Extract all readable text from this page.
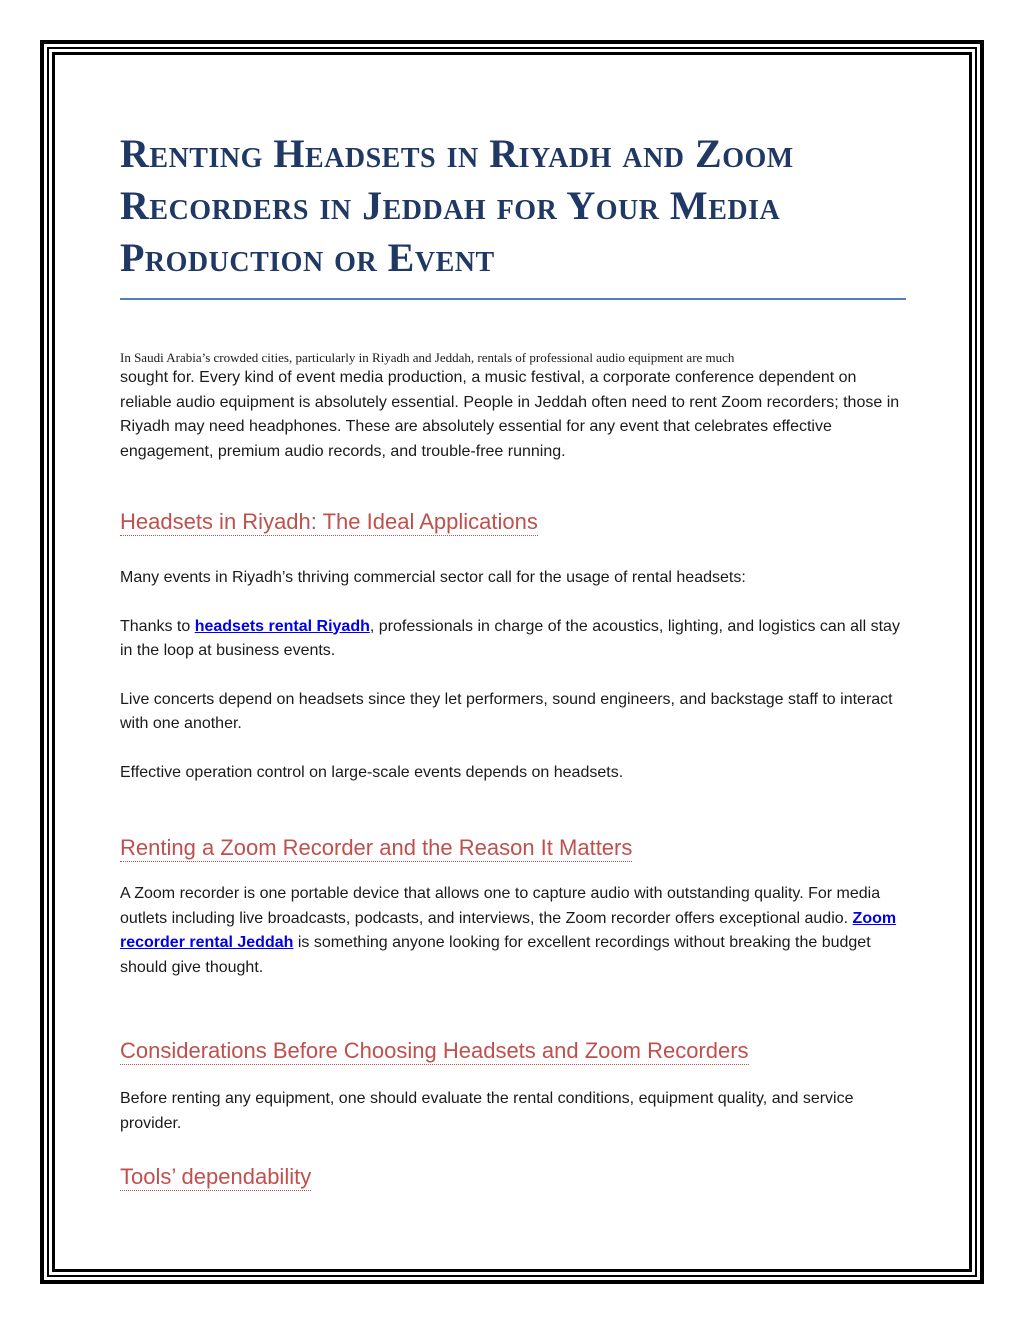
Renting Headsets in Riyadh and Zoom Recorders in Jeddah for Your Media Production or Event
In Saudi Arabia’s crowded cities, particularly in Riyadh and Jeddah, rentals of professional audio equipment are much

sought for. Every kind of event media production, a music festival, a corporate conference dependent on reliable audio equipment is absolutely essential. People in Jeddah often need to rent Zoom recorders; those in Riyadh may need headphones. These are absolutely essential for any event that celebrates effective engagement, premium audio records, and trouble-free running.

Headsets in Riyadh: The Ideal Applications

Many events in Riyadh’s thriving commercial sector call for the usage of rental headsets:

Thanks to headsets rental Riyadh, professionals in charge of the acoustics, lighting, and logistics can all stay in the loop at business events.

Live concerts depend on headsets since they let performers, sound engineers, and backstage staff to interact with one another.

Effective operation control on large-scale events depends on headsets.

Renting a Zoom Recorder and the Reason It Matters

A Zoom recorder is one portable device that allows one to capture audio with outstanding quality. For media outlets including live broadcasts, podcasts, and interviews, the Zoom recorder offers exceptional audio. Zoom recorder rental Jeddah is something anyone looking for excellent recordings without breaking the budget should give thought.

Considerations Before Choosing Headsets and Zoom Recorders

Before renting any equipment, one should evaluate the rental conditions, equipment quality, and service provider.

Tools’ dependability
